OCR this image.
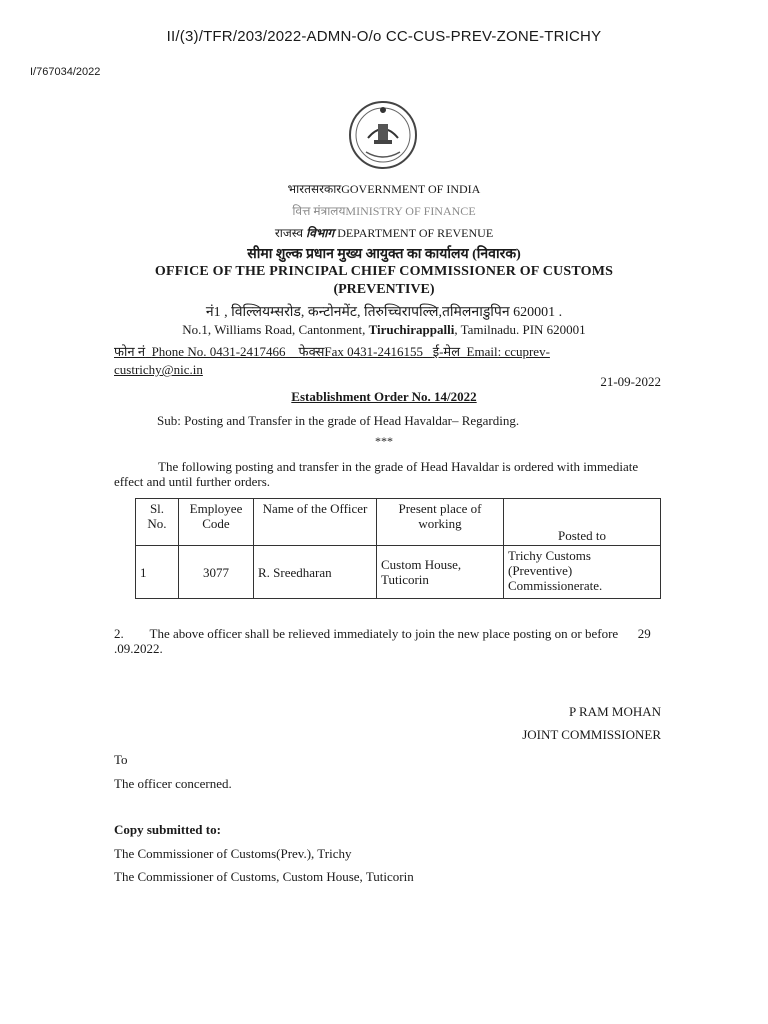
II/(3)/TFR/203/2022-ADMN-O/o CC-CUS-PREV-ZONE-TRICHY
I/767034/2022
भारतसरकारGOVERNMENT OF INDIA
वित्त मंत्रालयMINISTRY OF FINANCE
राजस्व विभाग DEPARTMENT OF REVENUE
सीमा शुल्क प्रधान मुख्य आयुक्त का कार्यालय (निवारक)
OFFICE OF THE PRINCIPAL CHIEF COMMISSIONER OF CUSTOMS
(PREVENTIVE)
नं1 , विल्लियम्सरोड, कन्टोनमेंट, तिरुच्चिरापल्लि,तमिलनाडुपिन 620001 .
No.1, Williams Road, Cantonment, Tiruchirappalli, Tamilnadu. PIN 620001
फोन नं Phone No. 0431-2417466 फेक्सFax 0431-2416155 ई-मेल Email: ccuprev-
custrichy@nic.in
21-09-2022
Establishment Order No. 14/2022
Sub: Posting and Transfer in the grade of Head Havaldar– Regarding.
***
The following posting and transfer in the grade of Head Havaldar is ordered with immediate effect and until further orders.
Sl. No.	Employee Code	Name of the Officer	Present place of working	Posted to
1	3077	R. Sreedharan	Custom House, Tuticorin	Trichy Customs (Preventive) Commissionerate.
2.        The above officer shall be relieved immediately to join the new place posting on or before      29 .09.2022.
P RAM MOHAN
JOINT COMMISSIONER
To
The officer concerned.
Copy submitted to:
The Commissioner of Customs(Prev.), Trichy
The Commissioner of Customs, Custom House, Tuticorin
